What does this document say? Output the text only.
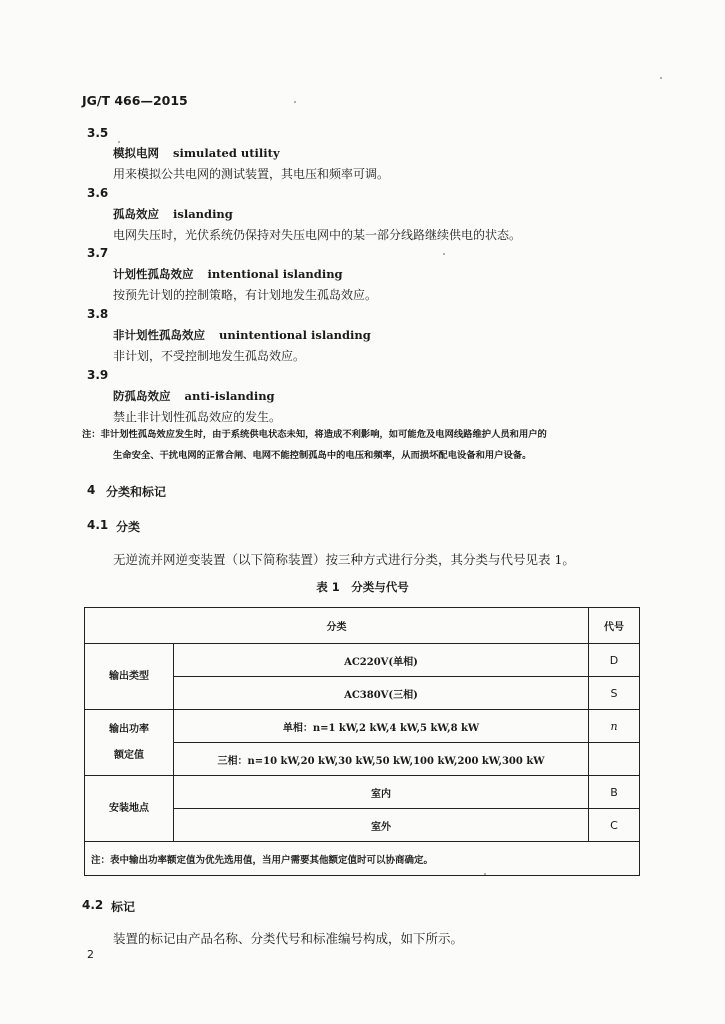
JG/T 466—2015
3.5
模拟电网 simulated utility
用来模拟公共电网的测试装置，其电压和频率可调。
3.6
孤岛效应 islanding
电网失压时，光伏系统仍保持对失压电网中的某一部分线路继续供电的状态。
3.7
计划性孤岛效应 intentional islanding
按预先计划的控制策略，有计划地发生孤岛效应。
3.8
非计划性孤岛效应 unintentional islanding
非计划，不受控制地发生孤岛效应。
3.9
防孤岛效应 anti-islanding
禁止非计划性孤岛效应的发生。
注：非计划性孤岛效应发生时，由于系统供电状态未知，将造成不利影响，如可能危及电网线路维护人员和用户的
生命安全、干扰电网的正常合闸、电网不能控制孤岛中的电压和频率，从而损坏配电设备和用户设备。
4 分类和标记
4.1 分类
无逆流并网逆变装置（以下简称装置）按三种方式进行分类，其分类与代号见表 1。
表 1　分类与代号
分类		代号
输出类型	AC220V(单相)	D
	AC380V(三相)	S

输出功率
额定值	单相：n=1 kW,2 kW,4 kW,5 kW,8 kW	n
	三相：n=10 kW,20 kW,30 kW,50 kW,100 kW,200 kW,300 kW	
安装地点	室内	B
	室外	C
注：表中输出功率额定值为优先选用值，当用户需要其他额定值时可以协商确定。		
4.2 标记
装置的标记由产品名称、分类代号和标准编号构成，如下所示。
2
